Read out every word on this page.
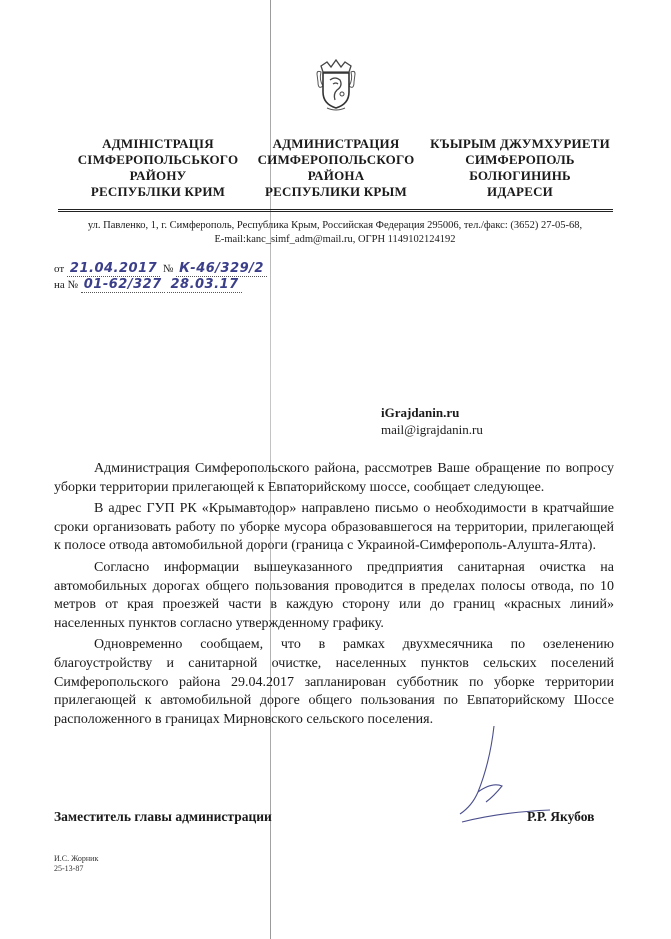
АДМІНІСТРАЦІЯ
СІМФЕРОПОЛЬСЬКОГО
РАЙОНУ
РЕСПУБЛІКИ КРИМ
АДМИНИСТРАЦИЯ
СИМФЕРОПОЛЬСКОГО
РАЙОНА
РЕСПУБЛИКИ КРЫМ
КЪЫРЫМ ДЖУМХУРИЕТИ
СИМФЕРОПОЛЬ
БОЛЮГИНИНЬ
ИДАРЕСИ
ул. Павленко, 1, г. Симферополь, Республика Крым, Российская Федерация 295006, тел./факс: (3652) 27-05-68,
E-mail:kanc_simf_adm@mail.ru, ОГРН 1149102124192
от 21.04.2017 № К-46/329/2
на № 01-62/327 28.03.17
iGrajdanin.ru
mail@igrajdanin.ru

Администрация Симферопольского района, рассмотрев Ваше обращение по вопросу уборки территории прилегающей к Евпаторийскому шоссе, сообщает следующее.

В адрес ГУП РК «Крымавтодор» направлено письмо о необходимости в кратчайшие сроки организовать работу по уборке мусора образовавшегося на территории, прилегающей к полосе отвода автомобильной дороги (граница с Украиной-Симферополь-Алушта-Ялта).

Согласно информации вышеуказанного предприятия санитарная очистка на автомобильных дорогах общего пользования проводится в пределах полосы отвода, по 10 метров от края проезжей части в каждую сторону или до границ «красных линий» населенных пунктов согласно утвержденному графику.

Одновременно сообщаем, что в рамках двухмесячника по озеленению благоустройству и санитарной очистке, населенных пунктов сельских поселений Симферопольского района 29.04.2017 запланирован субботник по уборке территории прилегающей к автомобильной дороге общего пользования по Евпаторийскому Шоссе расположенного в границах Мирновского сельского поселения.

Заместитель главы администрации	Р.Р. Якубов
И.С. Жорник
25-13-87
